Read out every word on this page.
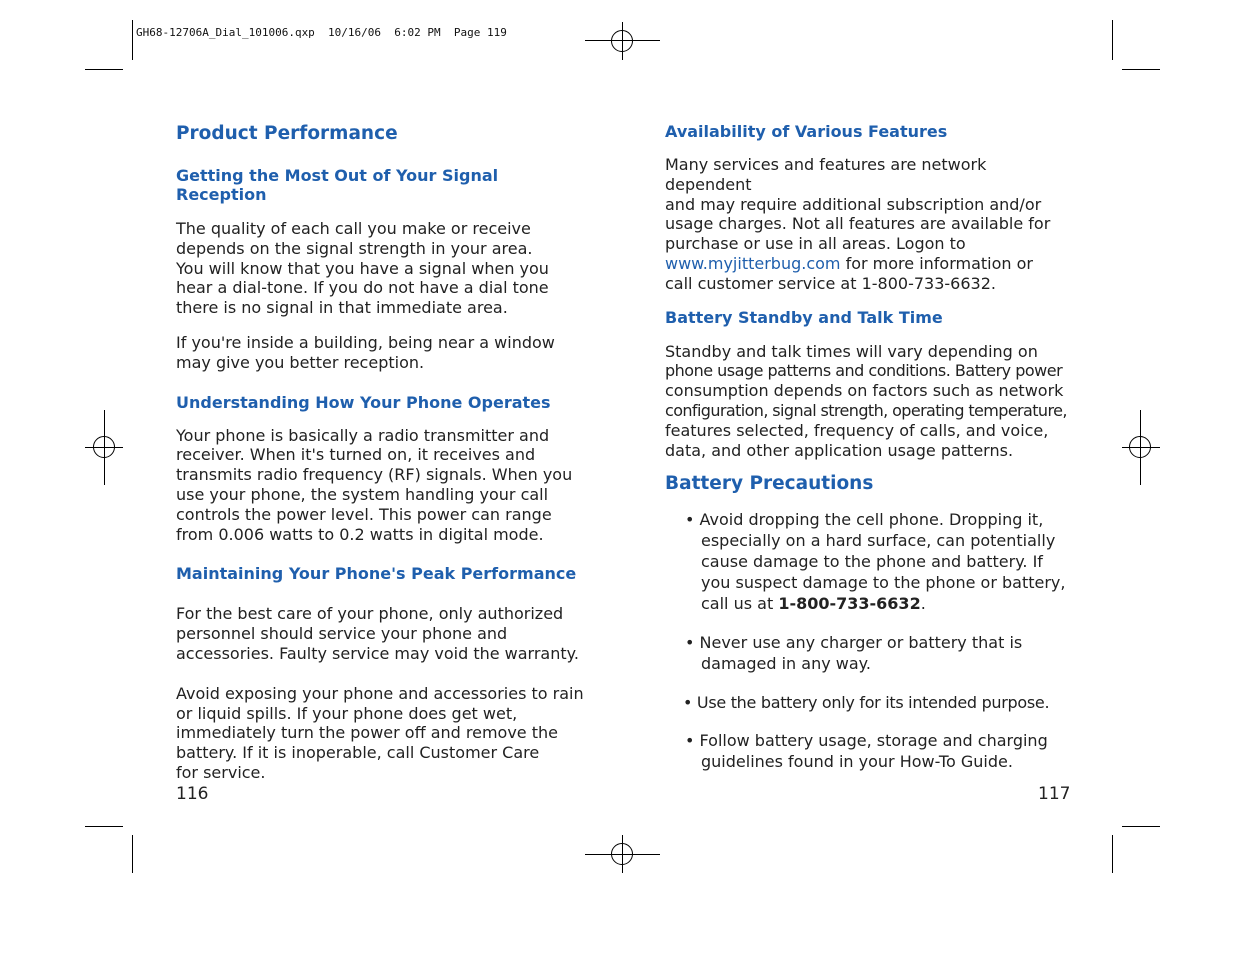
GH68-12706A_Dial_101006.qxp  10/16/06  6:02 PM  Page 119
Product Performance
Getting the Most Out of Your Signal Reception

The quality of each call you make or receive
depends on the signal strength in your area.
You will know that you have a signal when you
hear a dial-tone. If you do not have a dial tone
there is no signal in that immediate area.

If you're inside a building, being near a window
may give you better reception.

Understanding How Your Phone Operates

Your phone is basically a radio transmitter and
receiver. When it's turned on, it receives and
transmits radio frequency (RF) signals. When you
use your phone, the system handling your call
controls the power level. This power can range
from 0.006 watts to 0.2 watts in digital mode.

Maintaining Your Phone's Peak Performance

For the best care of your phone, only authorized
personnel should service your phone and
accessories. Faulty service may void the warranty.

Avoid exposing your phone and accessories to rain
or liquid spills. If your phone does get wet,
immediately turn the power off and remove the
battery. If it is inoperable, call Customer Care
for service.

116
Availability of Various Features

Many services and features are network dependent
and may require additional subscription and/or
usage charges. Not all features are available for
purchase or use in all areas. Logon to
www.myjitterbug.com for more information or
call customer service at 1-800-733-6632.

Battery Standby and Talk Time

Standby and talk times will vary depending on
phone usage patterns and conditions. Battery power
consumption depends on factors such as network
configuration, signal strength, operating temperature,
features selected, frequency of calls, and voice,
data, and other application usage patterns.

Battery Precautions

• Avoid dropping the cell phone. Dropping it,
especially on a hard surface, can potentially
cause damage to the phone and battery. If
you suspect damage to the phone or battery,
call us at 1-800-733-6632.

• Never use any charger or battery that is
damaged in any way.

• Use the battery only for its intended purpose.

• Follow battery usage, storage and charging
guidelines found in your How-To Guide.

117
